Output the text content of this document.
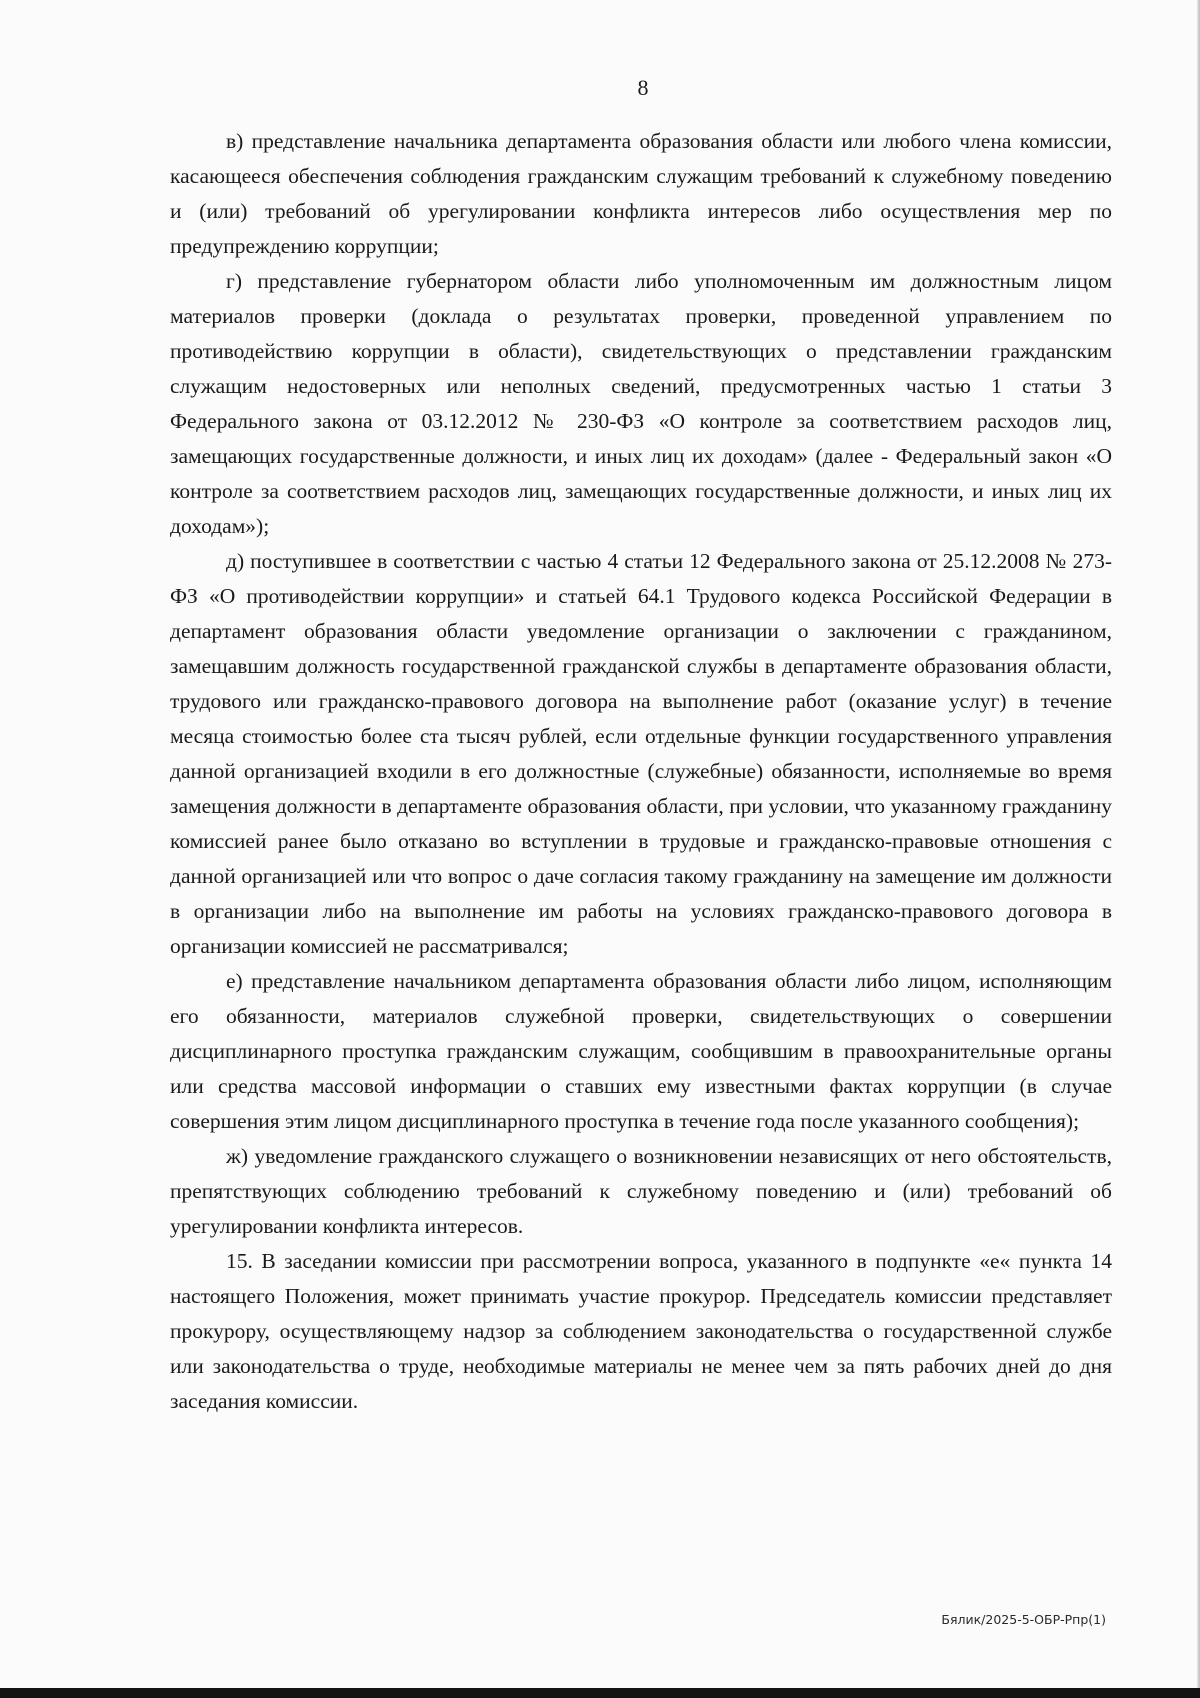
8

в) представление начальника департамента образования области или любого члена комиссии, касающееся обеспечения соблюдения гражданским служащим требований к служебному поведению и (или) требований об урегулировании конфликта интересов либо осуществления мер по предупреждению коррупции;

г) представление губернатором области либо уполномоченным им должностным лицом материалов проверки (доклада о результатах проверки, проведенной управлением по противодействию коррупции в области), свидетельствующих о представлении гражданским служащим недостоверных или неполных сведений, предусмотренных частью 1 статьи 3 Федерального закона от 03.12.2012 № 230-ФЗ «О контроле за соответствием расходов лиц, замещающих государственные должности, и иных лиц их доходам» (далее - Федеральный закон «О контроле за соответствием расходов лиц, замещающих государственные должности, и иных лиц их доходам»);

д) поступившее в соответствии с частью 4 статьи 12 Федерального закона от 25.12.2008 № 273-ФЗ «О противодействии коррупции» и статьей 64.1 Трудового кодекса Российской Федерации в департамент образования области уведомление организации о заключении с гражданином, замещавшим должность государственной гражданской службы в департаменте образования области, трудового или гражданско-правового договора на выполнение работ (оказание услуг) в течение месяца стоимостью более ста тысяч рублей, если отдельные функции государственного управления данной организацией входили в его должностные (служебные) обязанности, исполняемые во время замещения должности в департаменте образования области, при условии, что указанному гражданину комиссией ранее было отказано во вступлении в трудовые и гражданско-правовые отношения с данной организацией или что вопрос о даче согласия такому гражданину на замещение им должности в организации либо на выполнение им работы на условиях гражданско-правового договора в организации комиссией не рассматривался;

е) представление начальником департамента образования области либо лицом, исполняющим его обязанности, материалов служебной проверки, свидетельствующих о совершении дисциплинарного проступка гражданским служащим, сообщившим в правоохранительные органы или средства массовой информации о ставших ему известными фактах коррупции (в случае совершения этим лицом дисциплинарного проступка в течение года после указанного сообщения);

ж) уведомление гражданского служащего о возникновении независящих от него обстоятельств, препятствующих соблюдению требований к служебному поведению и (или) требований об урегулировании конфликта интересов.

15. В заседании комиссии при рассмотрении вопроса, указанного в подпункте «е« пункта 14 настоящего Положения, может принимать участие прокурор. Председатель комиссии представляет прокурору, осуществляющему надзор за соблюдением законодательства о государственной службе или законодательства о труде, необходимые материалы не менее чем за пять рабочих дней до дня заседания комиссии.

Бялик/2025-5-ОБР-Рпр(1)
